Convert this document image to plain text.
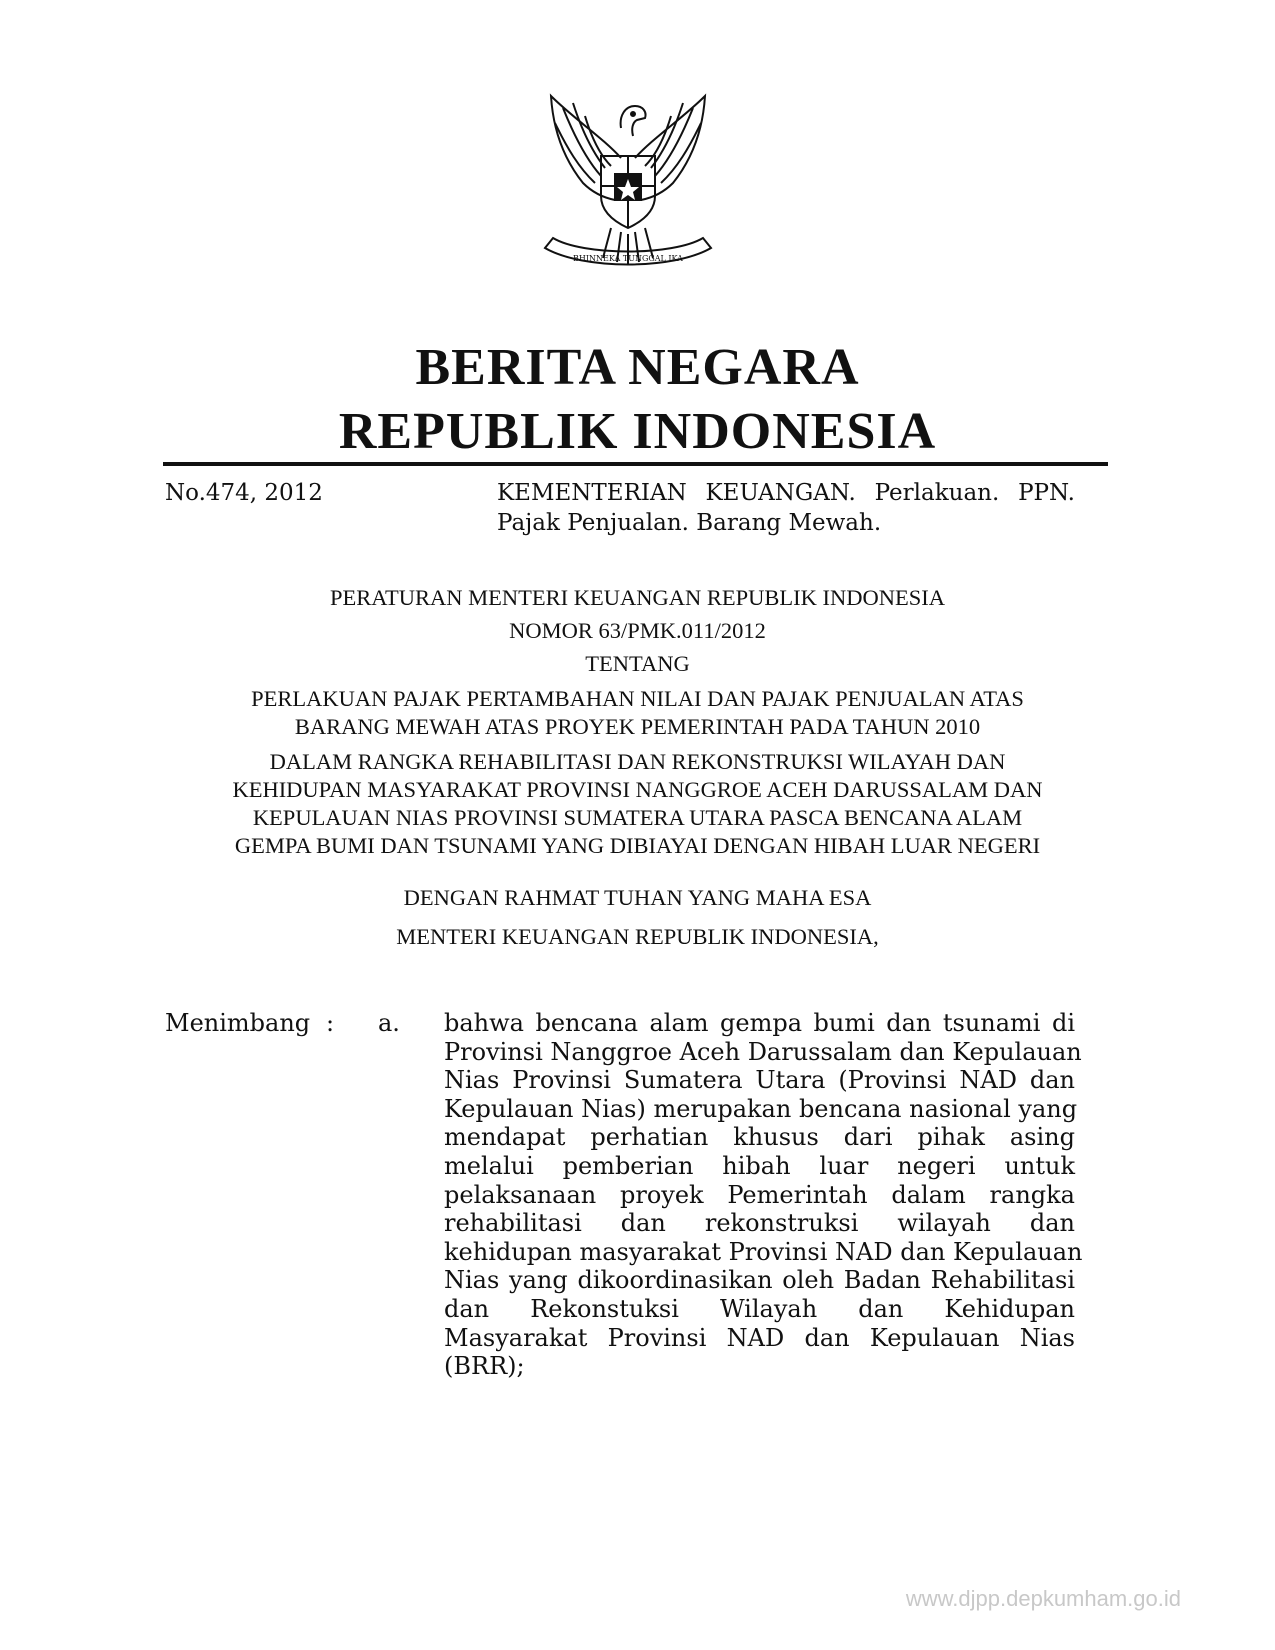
BHINNEKA TUNGGAL IKA
BERITA NEGARA
REPUBLIK INDONESIA
No.474, 2012	KEMENTERIAN KEUANGAN. Perlakuan. PPN.
Pajak Penjualan. Barang Mewah.
PERATURAN MENTERI KEUANGAN REPUBLIK INDONESIA
NOMOR 63/PMK.011/2012
TENTANG
PERLAKUAN PAJAK PERTAMBAHAN NILAI DAN PAJAK PENJUALAN ATAS
BARANG MEWAH ATAS PROYEK PEMERINTAH PADA TAHUN 2010
DALAM RANGKA REHABILITASI DAN REKONSTRUKSI WILAYAH DAN
KEHIDUPAN MASYARAKAT PROVINSI NANGGROE ACEH DARUSSALAM DAN
KEPULAUAN NIAS PROVINSI SUMATERA UTARA PASCA BENCANA ALAM
GEMPA BUMI DAN TSUNAMI YANG DIBIAYAI DENGAN HIBAH LUAR NEGERI
DENGAN RAHMAT TUHAN YANG MAHA ESA
MENTERI KEUANGAN REPUBLIK INDONESIA,
Menimbang : a. bahwa bencana alam gempa bumi dan tsunami di
Provinsi Nanggroe Aceh Darussalam dan Kepulauan
Nias Provinsi Sumatera Utara (Provinsi NAD dan
Kepulauan Nias) merupakan bencana nasional yang
mendapat perhatian khusus dari pihak asing
melalui pemberian hibah luar negeri untuk
pelaksanaan proyek Pemerintah dalam rangka
rehabilitasi dan rekonstruksi wilayah dan
kehidupan masyarakat Provinsi NAD dan Kepulauan
Nias yang dikoordinasikan oleh Badan Rehabilitasi
dan Rekonstuksi Wilayah dan Kehidupan
Masyarakat Provinsi NAD dan Kepulauan Nias
(BRR);
www.djpp.depkumham.go.id
